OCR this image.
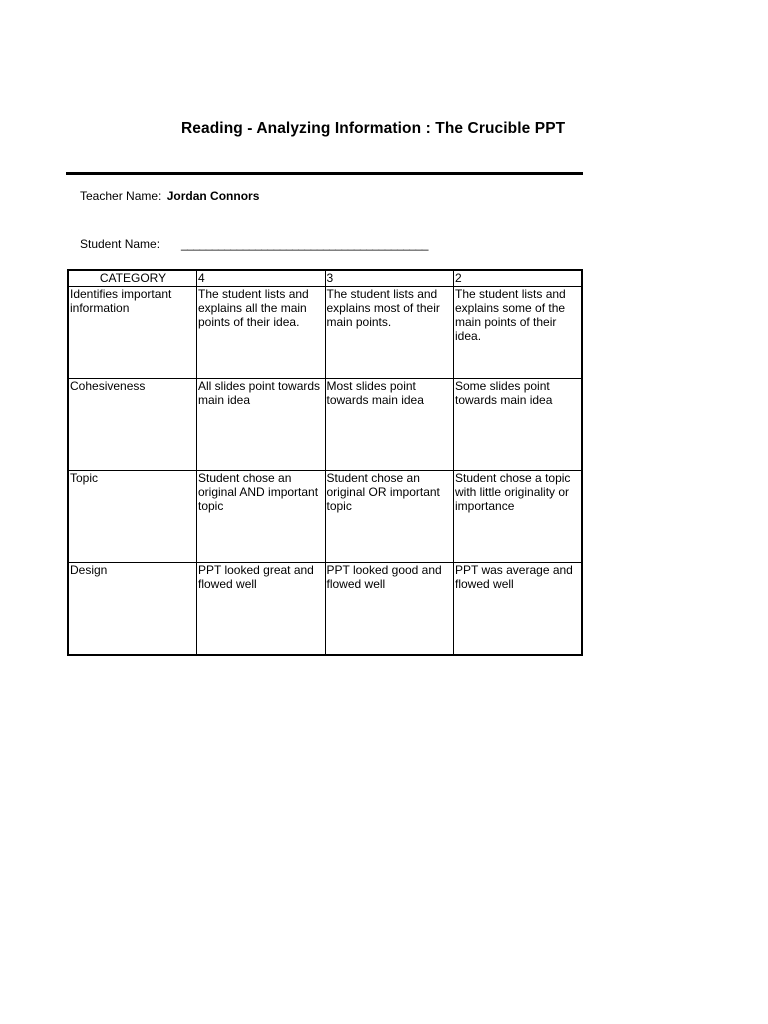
Reading - Analyzing Information : The Crucible PPT
Teacher Name: Jordan Connors
Student Name: ________________________________________
CATEGORY	4	3	2
Identifies important information	The student lists and explains all the main points of their idea.	The student lists and explains most of their main points.	The student lists and explains some of the main points of their idea.
Cohesiveness	All slides point towards main idea	Most slides point towards main idea	Some slides point towards main idea
Topic	Student chose an original AND important topic	Student chose an original OR important topic	Student chose a topic with little originality or importance
Design	PPT looked great and flowed well	PPT looked good and flowed well	PPT was average and flowed well
